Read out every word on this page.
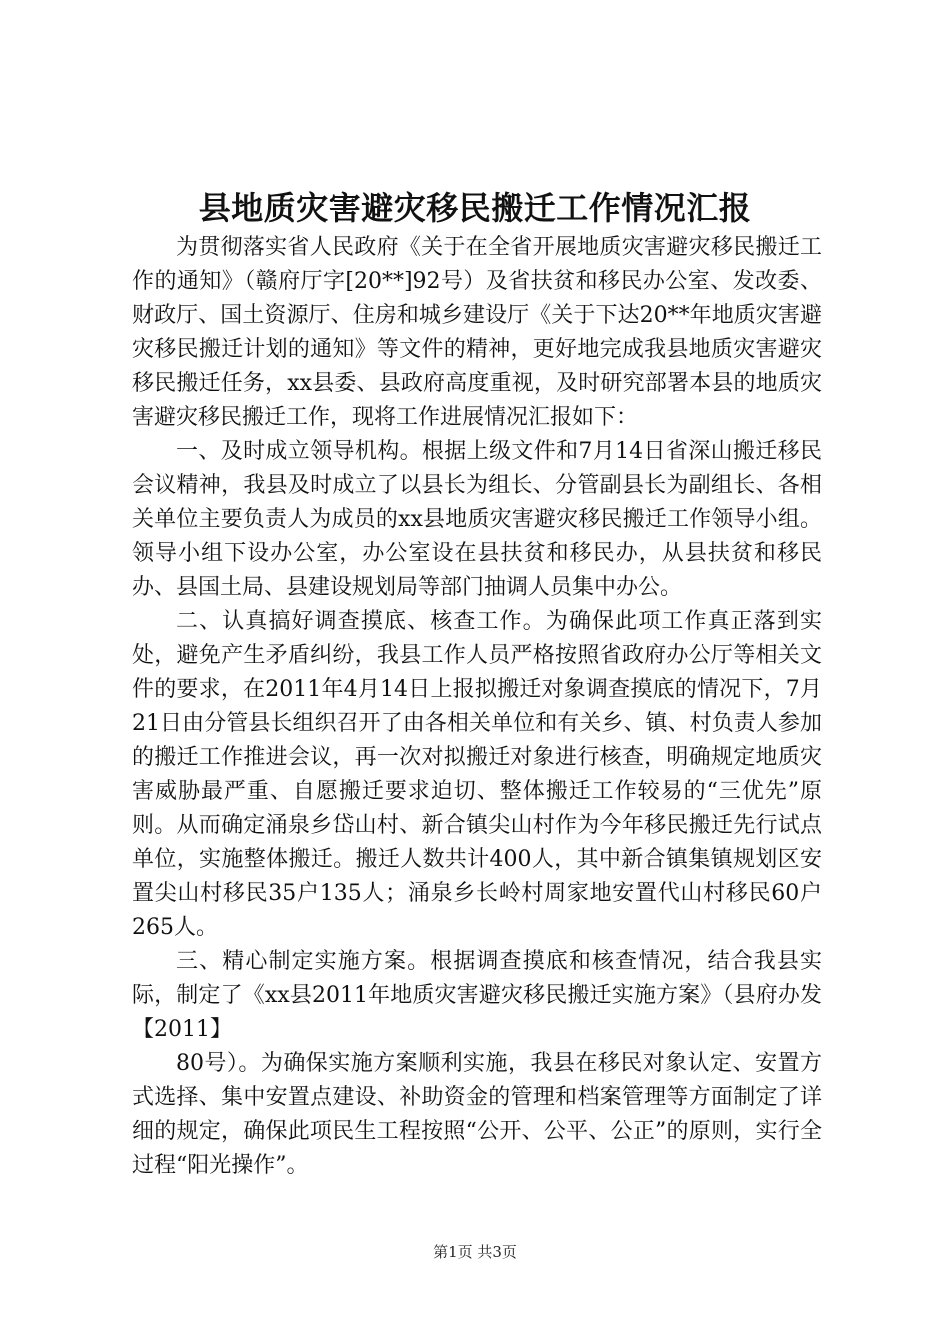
县地质灾害避灾移民搬迁工作情况汇报

为贯彻落实省人民政府《关于在全省开展地质灾害避灾移民搬迁工作的通知》（赣府厅字[20**]92号）及省扶贫和移民办公室、发改委、财政厅、国土资源厅、住房和城乡建设厅《关于下达20**年地质灾害避灾移民搬迁计划的通知》等文件的精神，更好地完成我县地质灾害避灾移民搬迁任务，xx县委、县政府高度重视，及时研究部署本县的地质灾害避灾移民搬迁工作，现将工作进展情况汇报如下：

一、及时成立领导机构。根据上级文件和7月14日省深山搬迁移民会议精神，我县及时成立了以县长为组长、分管副县长为副组长、各相关单位主要负责人为成员的xx县地质灾害避灾移民搬迁工作领导小组。领导小组下设办公室，办公室设在县扶贫和移民办，从县扶贫和移民办、县国土局、县建设规划局等部门抽调人员集中办公。

二、认真搞好调查摸底、核查工作。为确保此项工作真正落到实处，避免产生矛盾纠纷，我县工作人员严格按照省政府办公厅等相关文件的要求，在2011年4月14日上报拟搬迁对象调查摸底的情况下，7月21日由分管县长组织召开了由各相关单位和有关乡、镇、村负责人参加的搬迁工作推进会议，再一次对拟搬迁对象进行核查，明确规定地质灾害威胁最严重、自愿搬迁要求迫切、整体搬迁工作较易的“三优先”原则。从而确定涌泉乡岱山村、新合镇尖山村作为今年移民搬迁先行试点单位，实施整体搬迁。搬迁人数共计400人，其中新合镇集镇规划区安置尖山村移民35户135人；涌泉乡长岭村周家地安置代山村移民60户265人。

三、精心制定实施方案。根据调查摸底和核查情况，结合我县实际，制定了《xx县2011年地质灾害避灾移民搬迁实施方案》（县府办发【2011】

80号）。为确保实施方案顺利实施，我县在移民对象认定、安置方式选择、集中安置点建设、补助资金的管理和档案管理等方面制定了详细的规定，确保此项民生工程按照“公开、公平、公正”的原则，实行全过程“阳光操作”。

第1页 共3页
